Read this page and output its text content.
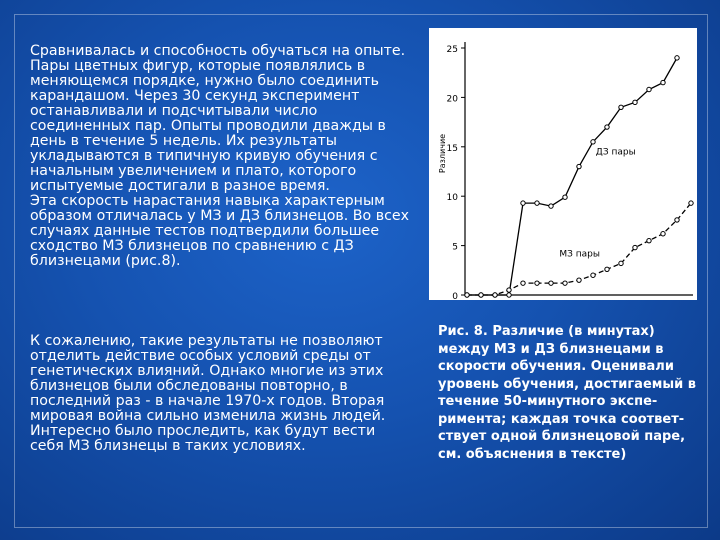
Сравнивалась и способность обучаться на опыте. Пары цветных фигур, которые появлялись в меняющемся порядке, нужно было соединить карандашом. Через 30 секунд эксперимент останавливали и подсчитывали число соединенных пар. Опыты проводили дважды в день в течение 5 недель. Их результаты укладываются в типичную кривую обучения с начальным увеличением и плато, которого испытуемые достигали в разное время.

Эта скорость нарастания навыка характерным образом отличалась у МЗ и ДЗ близнецов. Во всех случаях данные тестов подтвердили большее сходство МЗ близнецов по сравнению с ДЗ близнецами (рис.8).

К сожалению, такие результаты не позволяют отделить действие особых условий среды от генетических влияний. Однако многие из этих близнецов были обследованы повторно, в последний раз - в начале 1970-х годов. Вторая мировая война сильно изменила жизнь людей. Интересно было проследить, как будут вести себя МЗ близнецы в таких условиях.

0
5
10
15
20
25
Различие	ДЗ пары
МЗ пары

Рис. 8. Различие (в минутах)

между МЗ и ДЗ близнецами в

скорости обучения. Оценивали

уровень обучения, достигаемый в

течение 50-минутного экспе-

римента; каждая точка соответ-

ствует одной близнецовой паре,

см. объяснения в тексте)
